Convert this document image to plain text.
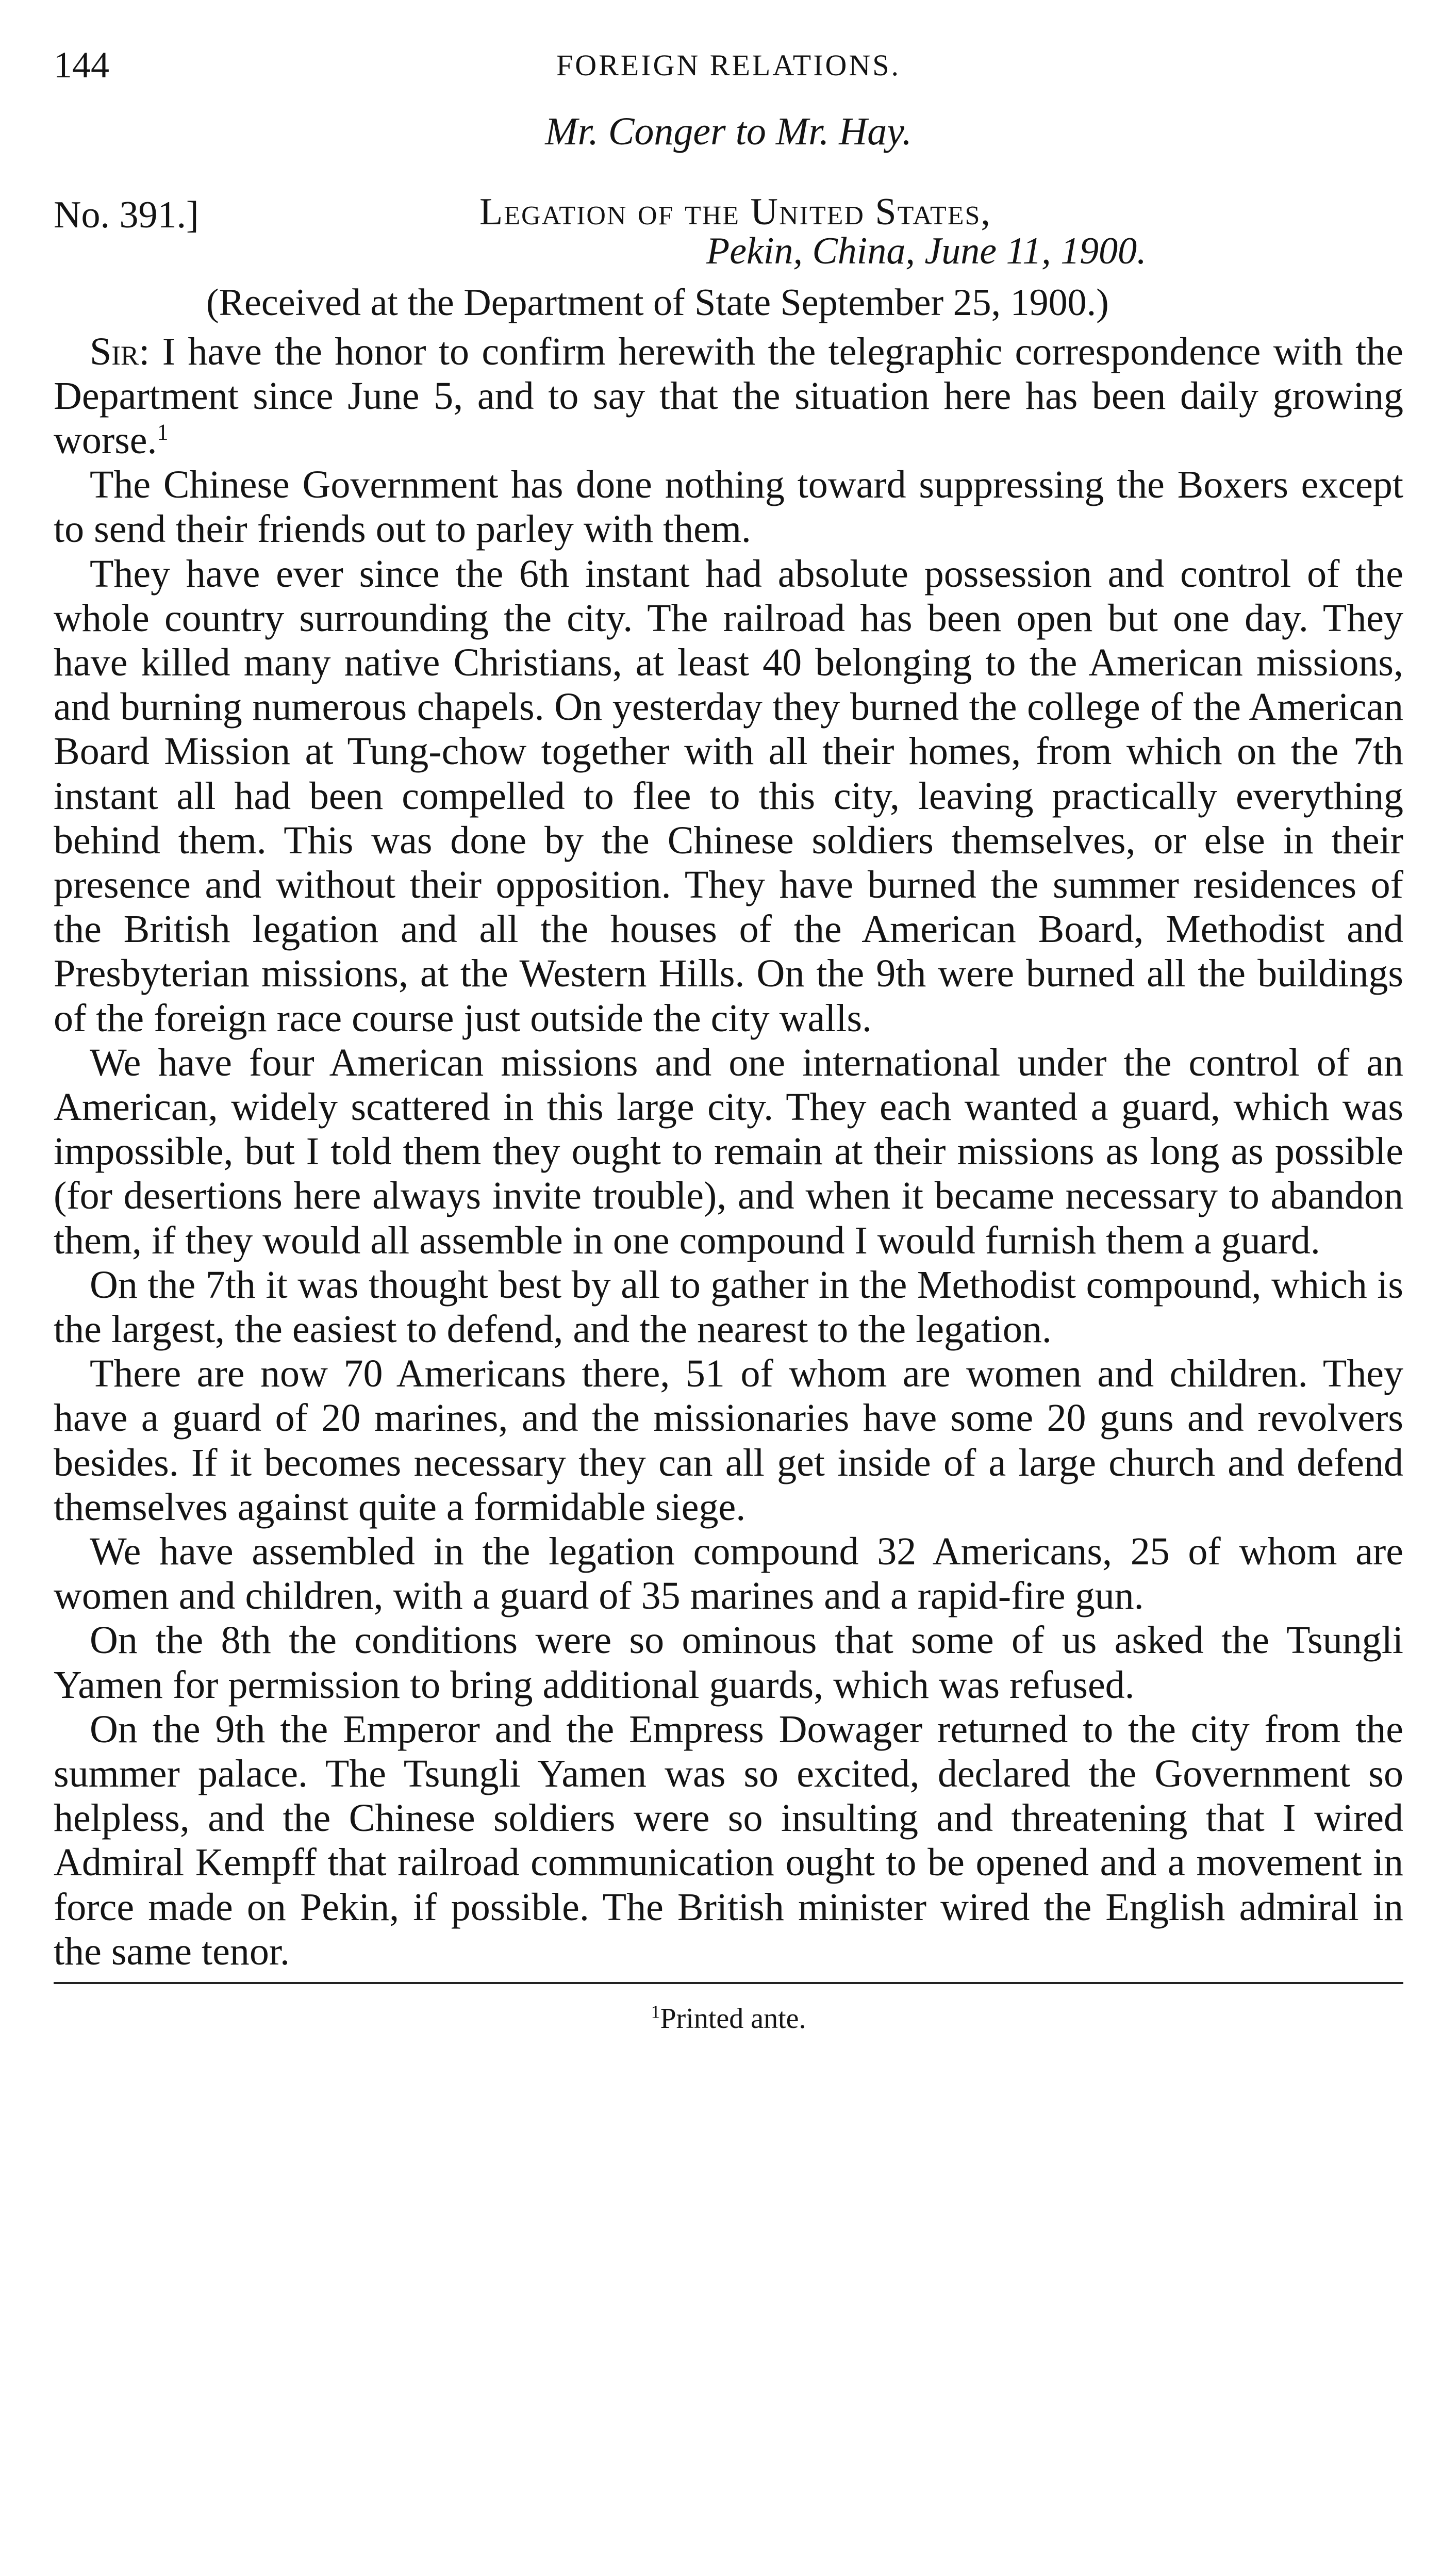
144	FOREIGN RELATIONS.
Mr. Conger to Mr. Hay.
No. 391.]	Legation of the United States,
Pekin, China, June 11, 1900.
(Received at the Department of State September 25, 1900.)

Sir: I have the honor to confirm herewith the telegraphic correspondence with the Department since June 5, and to say that the situation here has been daily growing worse.$^1$

The Chinese Government has done nothing toward suppressing the Boxers except to send their friends out to parley with them.

They have ever since the 6th instant had absolute possession and control of the whole country surrounding the city. The railroad has been open but one day. They have killed many native Christians, at least 40 belonging to the American missions, and burning numerous chapels. On yesterday they burned the college of the American Board Mission at Tung-chow together with all their homes, from which on the 7th instant all had been compelled to flee to this city, leaving practically everything behind them. This was done by the Chinese soldiers themselves, or else in their presence and without their opposition. They have burned the summer residences of the British legation and all the houses of the American Board, Methodist and Presbyterian missions, at the Western Hills. On the 9th were burned all the buildings of the foreign race course just outside the city walls.

We have four American missions and one international under the control of an American, widely scattered in this large city. They each wanted a guard, which was impossible, but I told them they ought to remain at their missions as long as possible (for desertions here always invite trouble), and when it became necessary to abandon them, if they would all assemble in one compound I would furnish them a guard.

On the 7th it was thought best by all to gather in the Methodist compound, which is the largest, the easiest to defend, and the nearest to the legation.

There are now 70 Americans there, 51 of whom are women and children. They have a guard of 20 marines, and the missionaries have some 20 guns and revolvers besides. If it becomes necessary they can all get inside of a large church and defend themselves against quite a formidable siege.

We have assembled in the legation compound 32 Americans, 25 of whom are women and children, with a guard of 35 marines and a rapid-fire gun.

On the 8th the conditions were so ominous that some of us asked the Tsungli Yamen for permission to bring additional guards, which was refused.

On the 9th the Emperor and the Empress Dowager returned to the city from the summer palace. The Tsungli Yamen was so excited, declared the Government so helpless, and the Chinese soldiers were so insulting and threatening that I wired Admiral Kempff that railroad communication ought to be opened and a movement in force made on Pekin, if possible. The British minister wired the English admiral in the same tenor.

$^1$Printed ante.
